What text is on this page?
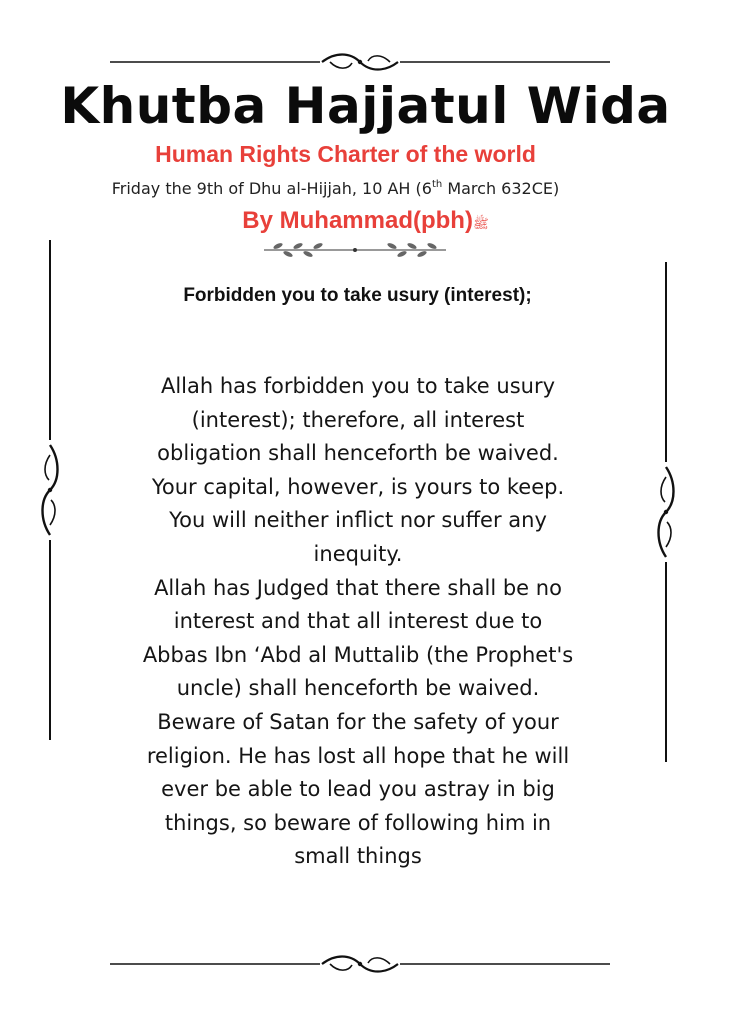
Khutba Hajjatul Wida
Human Rights Charter of the world
Friday the 9th of Dhu al-Hijjah, 10 AH (6th March 632CE)
By Muhammad(pbh)ﷺ
Forbidden you to take usury (interest);
Allah has forbidden you to take usury
(interest); therefore, all interest
obligation shall henceforth be waived.
Your capital, however, is yours to keep.
You will neither inflict nor suffer any
inequity.
Allah has Judged that there shall be no
interest and that all interest due to
Abbas Ibn ‘Abd al Muttalib (the Prophet's
uncle) shall henceforth be waived.
Beware of Satan for the safety of your
religion. He has lost all hope that he will
ever be able to lead you astray in big
things, so beware of following him in
small things
